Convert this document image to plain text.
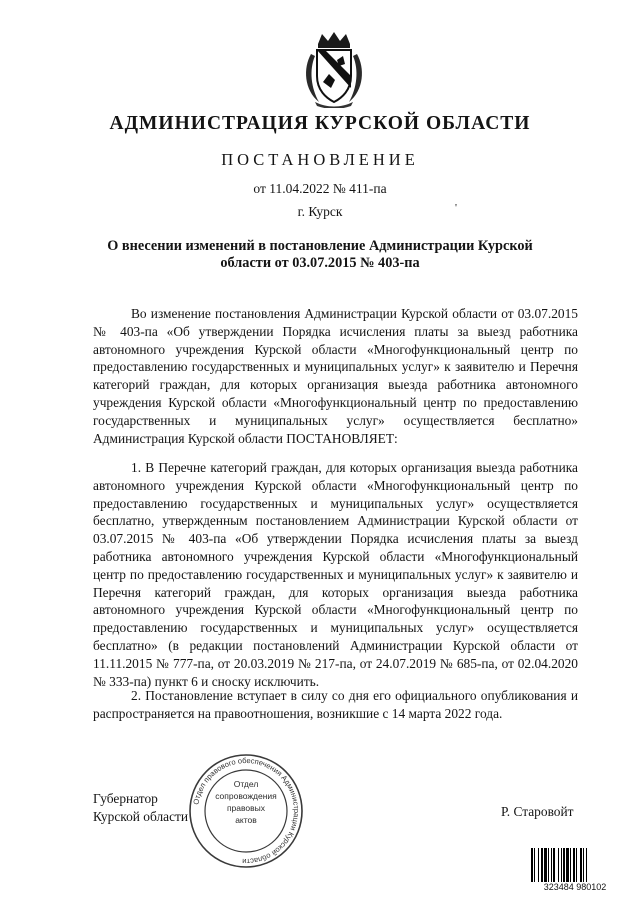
АДМИНИСТРАЦИЯ КУРСКОЙ ОБЛАСТИ
ПОСТАНОВЛЕНИЕ
от 11.04.2022 № 411-па
г. Курск	'
О внесении изменений в постановление Администрации Курской области от 03.07.2015 № 403-па
Во изменение постановления Администрации Курской области от 03.07.2015 № 403-па «Об утверждении Порядка исчисления платы за выезд работника автономного учреждения Курской области «Многофункциональный центр по предоставлению государственных и муниципальных услуг» к заявителю и Перечня категорий граждан, для которых организация выезда работника автономного учреждения Курской области «Многофункциональный центр по предоставлению государственных и муниципальных услуг» осуществляется бесплатно» Администрация Курской области ПОСТАНОВЛЯЕТ:
1. В Перечне категорий граждан, для которых организация выезда работника автономного учреждения Курской области «Многофункциональный центр по предоставлению государственных и муниципальных услуг» осуществляется бесплатно, утвержденным постановлением Администрации Курской области от 03.07.2015 № 403-па «Об утверждении Порядка исчисления платы за выезд работника автономного учреждения Курской области «Многофункциональный центр по предоставлению государственных и муниципальных услуг» к заявителю и Перечня категорий граждан, для которых организация выезда работника автономного учреждения Курской области «Многофункциональный центр по предоставлению государственных и муниципальных услуг» осуществляется бесплатно» (в редакции постановлений Администрации Курской области от 11.11.2015 № 777-па, от 20.03.2019 № 217-па, от 24.07.2019 № 685-па, от 02.04.2020 № 333-па) пункт 6 и сноску исключить.
2. Постановление вступает в силу со дня его официального опубликования и распространяется на правоотношения, возникшие с 14 марта 2022 года.
Губернатор
Курской области	Р. Старовойт
Отдел правового обеспечения Администрации Курской области
Отдел
сопровождения
правовых
актов
323484 980102
